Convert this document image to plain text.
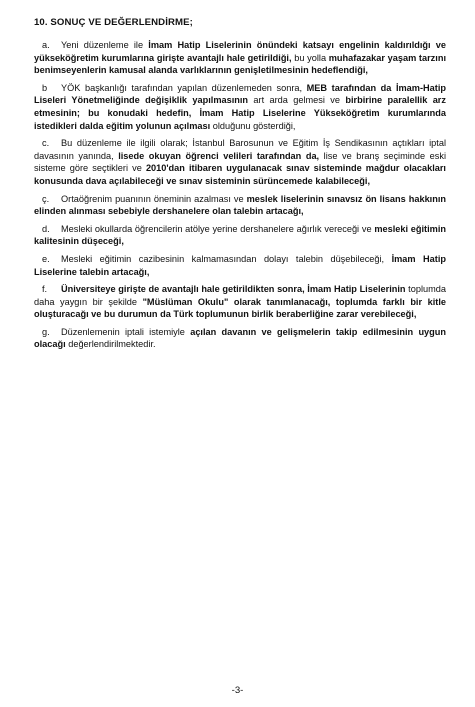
10. SONUÇ VE DEĞERLENDİRME;

a. Yeni düzenleme ile İmam Hatip Liselerinin önündeki katsayı engelinin kaldırıldığı ve yükseköğretim kurumlarına girişte avantajlı hale getirildiği, bu yolla muhafazakar yaşam tarzını benimseyenlerin kamusal alanda varlıklarının genişletilmesinin hedeflendiği,

b YÖK başkanlığı tarafından yapılan düzenlemeden sonra, MEB tarafından da İmam-Hatip Liseleri Yönetmeliğinde değişiklik yapılmasının art arda gelmesi ve birbirine paralellik arz etmesinin; bu konudaki hedefin, İmam Hatip Liselerine Yükseköğretim kurumlarında istedikleri dalda eğitim yolunun açılması olduğunu gösterdiği,

c. Bu düzenleme ile ilgili olarak; İstanbul Barosunun ve Eğitim İş Sendikasının açtıkları iptal davasının yanında, lisede okuyan öğrenci velileri tarafından da, lise ve branş seçiminde eski sisteme göre seçtikleri ve 2010'dan itibaren uygulanacak sınav sisteminde mağdur olacakları konusunda dava açılabileceği ve sınav sisteminin sürüncemede kalabileceği,

ç. Ortaöğrenim puanının öneminin azalması ve meslek liselerinin sınavsız ön lisans hakkının elinden alınması sebebiyle dershanelere olan talebin artacağı,

d. Mesleki okullarda öğrencilerin atölye yerine dershanelere ağırlık vereceği ve mesleki eğitimin kalitesinin düşeceği,

e. Mesleki eğitimin cazibesinin kalmamasından dolayı talebin düşebileceği, İmam Hatip Liselerine talebin artacağı,

f. Üniversiteye girişte de avantajlı hale getirildikten sonra, İmam Hatip Liselerinin toplumda daha yaygın bir şekilde "Müslüman Okulu" olarak tanımlanacağı, toplumda farklı bir kitle oluşturacağı ve bu durumun da Türk toplumunun birlik beraberliğine zarar verebileceği,

g. Düzenlemenin iptali istemiyle açılan davanın ve gelişmelerin takip edilmesinin uygun olacağı değerlendirilmektedir.

-3-
